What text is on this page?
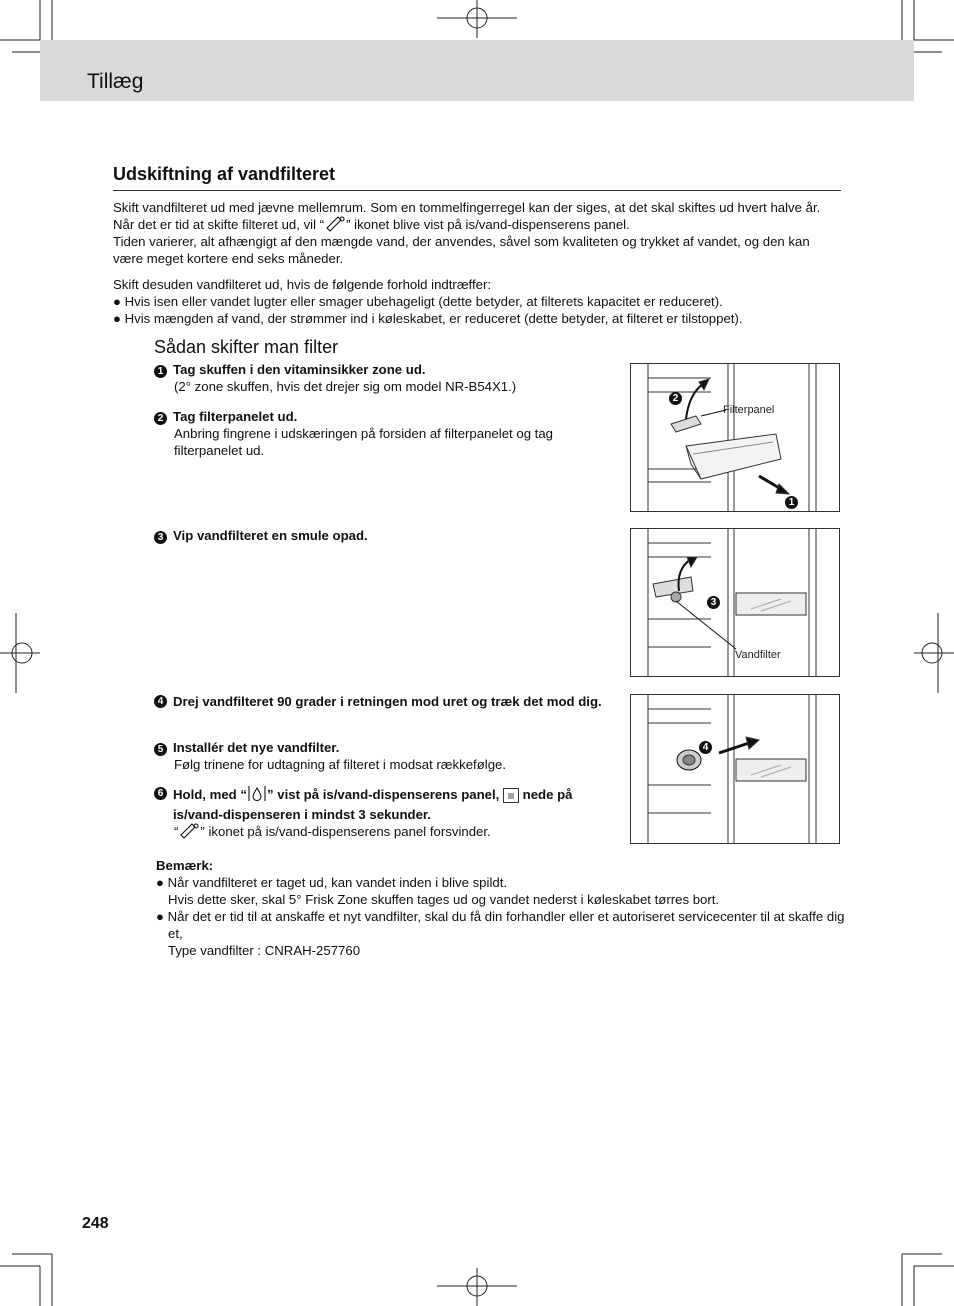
Tillæg
Udskiftning af vandfilteret
Skift vandfilteret ud med jævne mellemrum. Som en tommelfingerregel kan der siges, at det skal skiftes ud hvert halve år. Når det er tid at skifte filteret ud, vil “ ” ikonet blive vist på is/vand-dispenserens panel.
Tiden varierer, alt afhængigt af den mængde vand, der anvendes, såvel som kvaliteten og trykket af vandet, og den kan være meget kortere end seks måneder.
Skift desuden vandfilteret ud, hvis de følgende forhold indtræffer:
● Hvis isen eller vandet lugter eller smager ubehageligt (dette betyder, at filterets kapacitet er reduceret).
● Hvis mængden af vand, der strømmer ind i køleskabet, er reduceret (dette betyder, at filteret er tilstoppet).
Sådan skifter man filter
1 Tag skuffen i den vitaminsikker zone ud.
(2° zone skuffen, hvis det drejer sig om model NR-B54X1.)
2 Tag filterpanelet ud.
Anbring fingrene i udskæringen på forsiden af filterpanelet og tag filterpanelet ud.
3 Vip vandfilteret en smule opad.
4 Drej vandfilteret 90 grader i retningen mod uret og træk det mod dig.
5 Installér det nye vandfilter.
Følg trinene for udtagning af filteret i modsat rækkefølge.
6 Hold, med “ ” vist på is/vand-dispenserens panel,  nede på is/vand-dispenseren i mindst 3 sekunder.
“ ” ikonet på is/vand-dispenserens panel forsvinder.
Filterpanel
2
1
Vandfilter
3
4
Bemærk:
● Når vandfilteret er taget ud, kan vandet inden i blive spildt.
Hvis dette sker, skal 5° Frisk Zone skuffen tages ud og vandet nederst i køleskabet tørres bort.
● Når det er tid til at anskaffe et nyt vandfilter, skal du få din forhandler eller et autoriseret servicecenter til at skaffe dig et,
Type vandfilter : CNRAH-257760
248
